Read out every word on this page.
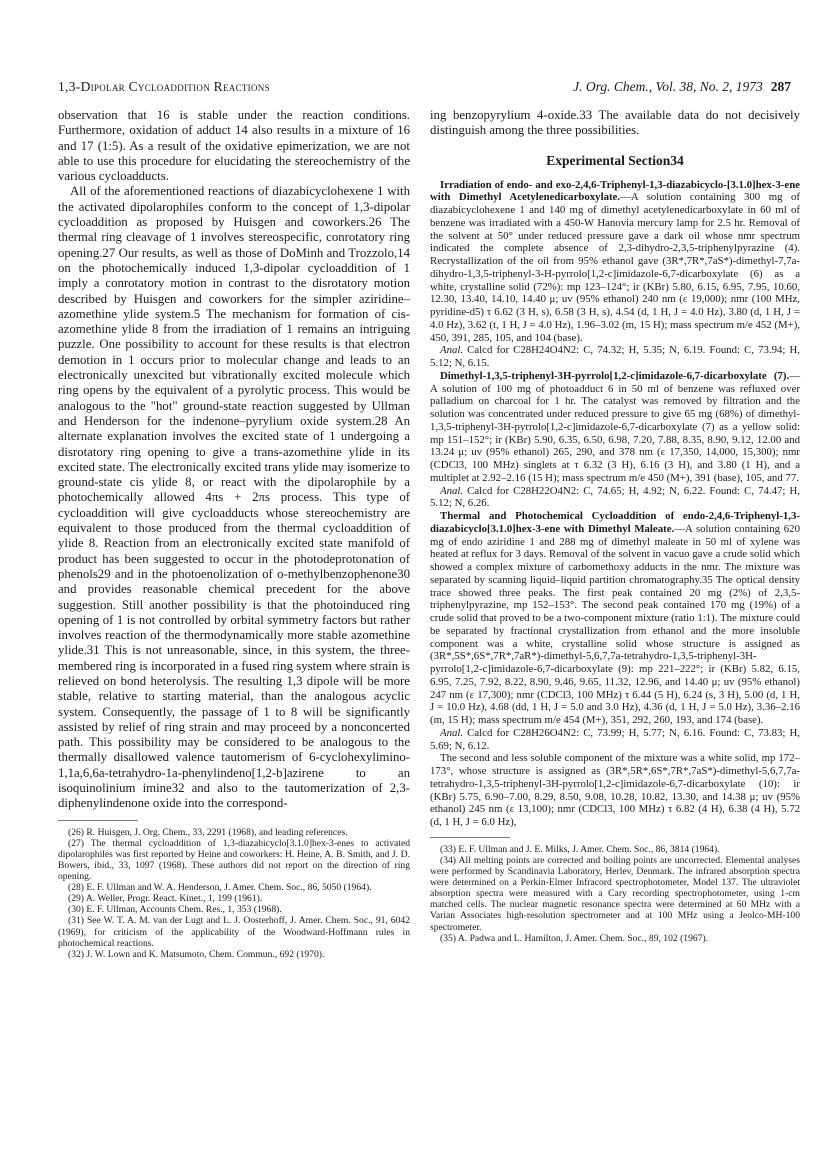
1,3-Dipolar Cycloaddition Reactions	J. Org. Chem., Vol. 38, No. 2, 1973 287

observation that 16 is stable under the reaction conditions. Furthermore, oxidation of adduct 14 also results in a mixture of 16 and 17 (1:5). As a result of the oxidative epimerization, we are not able to use this procedure for elucidating the stereochemistry of the various cycloadducts.

All of the aforementioned reactions of diazabicyclohexene 1 with the activated dipolarophiles conform to the concept of 1,3-dipolar cycloaddition as proposed by Huisgen and coworkers.26 The thermal ring cleavage of 1 involves stereospecific, conrotatory ring opening.27 Our results, as well as those of DoMinh and Trozzolo,14 on the photochemically induced 1,3-dipolar cycloaddition of 1 imply a conrotatory motion in contrast to the disrotatory motion described by Huisgen and coworkers for the simpler aziridine–azomethine ylide system.5 The mechanism for formation of cis-azomethine ylide 8 from the irradiation of 1 remains an intriguing puzzle. One possibility to account for these results is that electron demotion in 1 occurs prior to molecular change and leads to an electronically unexcited but vibrationally excited molecule which ring opens by the equivalent of a pyrolytic process. This would be analogous to the "hot" ground-state reaction suggested by Ullman and Henderson for the indenone–pyrylium oxide system.28 An alternate explanation involves the excited state of 1 undergoing a disrotatory ring opening to give a trans-azomethine ylide in its excited state. The electronically excited trans ylide may isomerize to ground-state cis ylide 8, or react with the dipolarophile by a photochemically allowed 4πs + 2πs process. This type of cycloaddition will give cycloadducts whose stereochemistry are equivalent to those produced from the thermal cycloaddition of ylide 8. Reaction from an electronically excited state manifold of product has been suggested to occur in the photodeprotonation of phenols29 and in the photoenolization of o-methylbenzophenone30 and provides reasonable chemical precedent for the above suggestion. Still another possibility is that the photoinduced ring opening of 1 is not controlled by orbital symmetry factors but rather involves reaction of the thermodynamically more stable azomethine ylide.31 This is not unreasonable, since, in this system, the three-membered ring is incorporated in a fused ring system where strain is relieved on bond heterolysis. The resulting 1,3 dipole will be more stable, relative to starting material, than the analogous acyclic system. Consequently, the passage of 1 to 8 will be significantly assisted by relief of ring strain and may proceed by a nonconcerted path. This possibility may be considered to be analogous to the thermally disallowed valence tautomerism of 6-cyclohexylimino-1,1a,6,6a-tetrahydro-1a-phenylindeno[1,2-b]azirene to an isoquinolinium imine32 and also to the tautomerization of 2,3-diphenylindenone oxide into the correspond-

(26) R. Huisgen, J. Org. Chem., 33, 2291 (1968), and leading references.

(27) The thermal cycloaddition of 1,3-diazabicyclo[3.1.0]hex-3-enes to activated dipolarophiles was first reported by Heine and coworkers: H. Heine, A. B. Smith, and J. D. Bowers, ibid., 33, 1097 (1968). These authors did not report on the direction of ring opening.

(28) E. F. Ullman and W. A. Henderson, J. Amer. Chem. Soc., 86, 5050 (1964).

(29) A. Weller, Progr. React. Kinet., 1, 199 (1961).

(30) E. F. Ullman, Accounts Chem. Res., 1, 353 (1968).

(31) See W. T. A. M. van der Lugt and L. J. Oosterhoff, J. Amer. Chem. Soc., 91, 6042 (1969), for criticism of the applicability of the Woodward-Hoffmann rules in photochemical reactions.

(32) J. W. Lown and K. Matsumoto, Chem. Commun., 692 (1970).

ing benzopyrylium 4-oxide.33 The available data do not decisively distinguish among the three possibilities.

Experimental Section34

Irradiation of endo- and exo-2,4,6-Triphenyl-1,3-diazabicyclo-[3.1.0]hex-3-ene with Dimethyl Acetylenedicarboxylate.—A solution containing 300 mg of diazabicyclohexene 1 and 140 mg of dimethyl acetylenedicarboxylate in 60 ml of benzene was irradiated with a 450-W Hanovia mercury lamp for 2.5 hr. Removal of the solvent at 50° under reduced pressure gave a dark oil whose nmr spectrum indicated the complete absence of 2,3-dihydro-2,3,5-triphenylpyrazine (4). Recrystallization of the oil from 95% ethanol gave (3R*,7R*,7aS*)-dimethyl-7,7a-dihydro-1,3,5-triphenyl-3-H-pyrrolo[1,2-c]imidazole-6,7-dicarboxylate (6) as a white, crystalline solid (72%): mp 123–124°; ir (KBr) 5.80, 6.15, 6.95, 7.95, 10.60, 12.30, 13.40, 14.10, 14.40 μ; uv (95% ethanol) 240 nm (ε 19,000); nmr (100 MHz, pyridine-d5) τ 6.62 (3 H, s), 6.58 (3 H, s), 4.54 (d, 1 H, J = 4.0 Hz), 3.80 (d, 1 H, J = 4.0 Hz), 3.62 (t, 1 H, J = 4.0 Hz), 1.96–3.02 (m, 15 H); mass spectrum m/e 452 (M+), 450, 391, 285, 105, and 104 (base).

Anal. Calcd for C28H24O4N2: C, 74.32; H, 5.35; N, 6.19. Found: C, 73.94; H, 5.12; N, 6.15.

Dimethyl-1,3,5-triphenyl-3H-pyrrolo[1,2-c]imidazole-6,7-dicarboxylate (7).—A solution of 100 mg of photoadduct 6 in 50 ml of benzene was refluxed over palladium on charcoal for 1 hr. The catalyst was removed by filtration and the solution was concentrated under reduced pressure to give 65 mg (68%) of dimethyl-1,3,5-triphenyl-3H-pyrrolo[1,2-c]imidazole-6,7-dicarboxylate (7) as a yellow solid: mp 151–152°; ir (KBr) 5.90, 6.35, 6.50, 6.98, 7.20, 7.88, 8.35, 8.90, 9.12, 12.00 and 13.24 μ; uv (95% ethanol) 265, 290, and 378 nm (ε 17,350, 14,000, 15,300); nmr (CDCl3, 100 MHz) singlets at τ 6.32 (3 H), 6.16 (3 H), and 3.80 (1 H), and a multiplet at 2.92–2.16 (15 H); mass spectrum m/e 450 (M+), 391 (base), 105, and 77.

Anal. Calcd for C28H22O4N2: C, 74.65; H, 4.92; N, 6.22. Found: C, 74.47; H, 5.12; N, 6.26.

Thermal and Photochemical Cycloaddition of endo-2,4,6-Triphenyl-1,3-diazabicyclo[3.1.0]hex-3-ene with Dimethyl Maleate.—A solution containing 620 mg of endo aziridine 1 and 288 mg of dimethyl maleate in 50 ml of xylene was heated at reflux for 3 days. Removal of the solvent in vacuo gave a crude solid which showed a complex mixture of carbomethoxy adducts in the nmr. The mixture was separated by scanning liquid–liquid partition chromatography.35 The optical density trace showed three peaks. The first peak contained 20 mg (2%) of 2,3,5-triphenylpyrazine, mp 152–153°. The second peak contained 170 mg (19%) of a crude solid that proved to be a two-component mixture (ratio 1:1). The mixture could be separated by fractional crystallization from ethanol and the more insoluble component was a white, crystalline solid whose structure is assigned as (3R*,5S*,6S*,7R*,7aR*)-dimethyl-5,6,7,7a-tetrahydro-1,3,5-triphenyl-3H-pyrrolo[1,2-c]imidazole-6,7-dicarboxylate (9): mp 221–222°; ir (KBr) 5.82, 6.15, 6.95, 7.25, 7.92, 8.22, 8.90, 9.46, 9.65, 11.32, 12.96, and 14.40 μ; uv (95% ethanol) 247 nm (ε 17,300); nmr (CDCl3, 100 MHz) τ 6.44 (5 H), 6.24 (s, 3 H), 5.00 (d, 1 H, J = 10.0 Hz), 4.68 (dd, 1 H, J = 5.0 and 3.0 Hz), 4.36 (d, 1 H, J = 5.0 Hz), 3.36–2.16 (m, 15 H); mass spectrum m/e 454 (M+), 351, 292, 260, 193, and 174 (base).

Anal. Calcd for C28H26O4N2: C, 73.99; H, 5.77; N, 6.16. Found: C, 73.83; H, 5.69; N, 6.12.

The second and less soluble component of the mixture was a white solid, mp 172–173°, whose structure is assigned as (3R*,5R*,6S*,7R*,7aS*)-dimethyl-5,6,7,7a-tetrahydro-1,3,5-triphenyl-3H-pyrrolo[1,2-c]imidazole-6,7-dicarboxylate (10): ir (KBr) 5.75, 6.90–7.00, 8.29, 8.50, 9.08, 10.28, 10.82, 13.30, and 14.38 μ; uv (95% ethanol) 245 nm (ε 13,100); nmr (CDCl3, 100 MHz) τ 6.82 (4 H), 6.38 (4 H), 5.72 (d, 1 H, J = 6.0 Hz),

(33) E. F. Ullman and J. E. Milks, J. Amer. Chem. Soc., 86, 3814 (1964).

(34) All melting points are corrected and boiling points are uncorrected. Elemental analyses were performed by Scandinavia Laboratory, Herlev, Denmark. The infrared absorption spectra were determined on a Perkin-Elmer Infracord spectrophotometer, Model 137. The ultraviolet absorption spectra were measured with a Cary recording spectrophotometer, using 1-cm matched cells. The nuclear magnetic resonance spectra were determined at 60 MHz with a Varian Associates high-resolution spectrometer and at 100 MHz using a Jeolco-MH-100 spectrometer.

(35) A. Padwa and L. Hamilton, J. Amer. Chem. Soc., 89, 102 (1967).
